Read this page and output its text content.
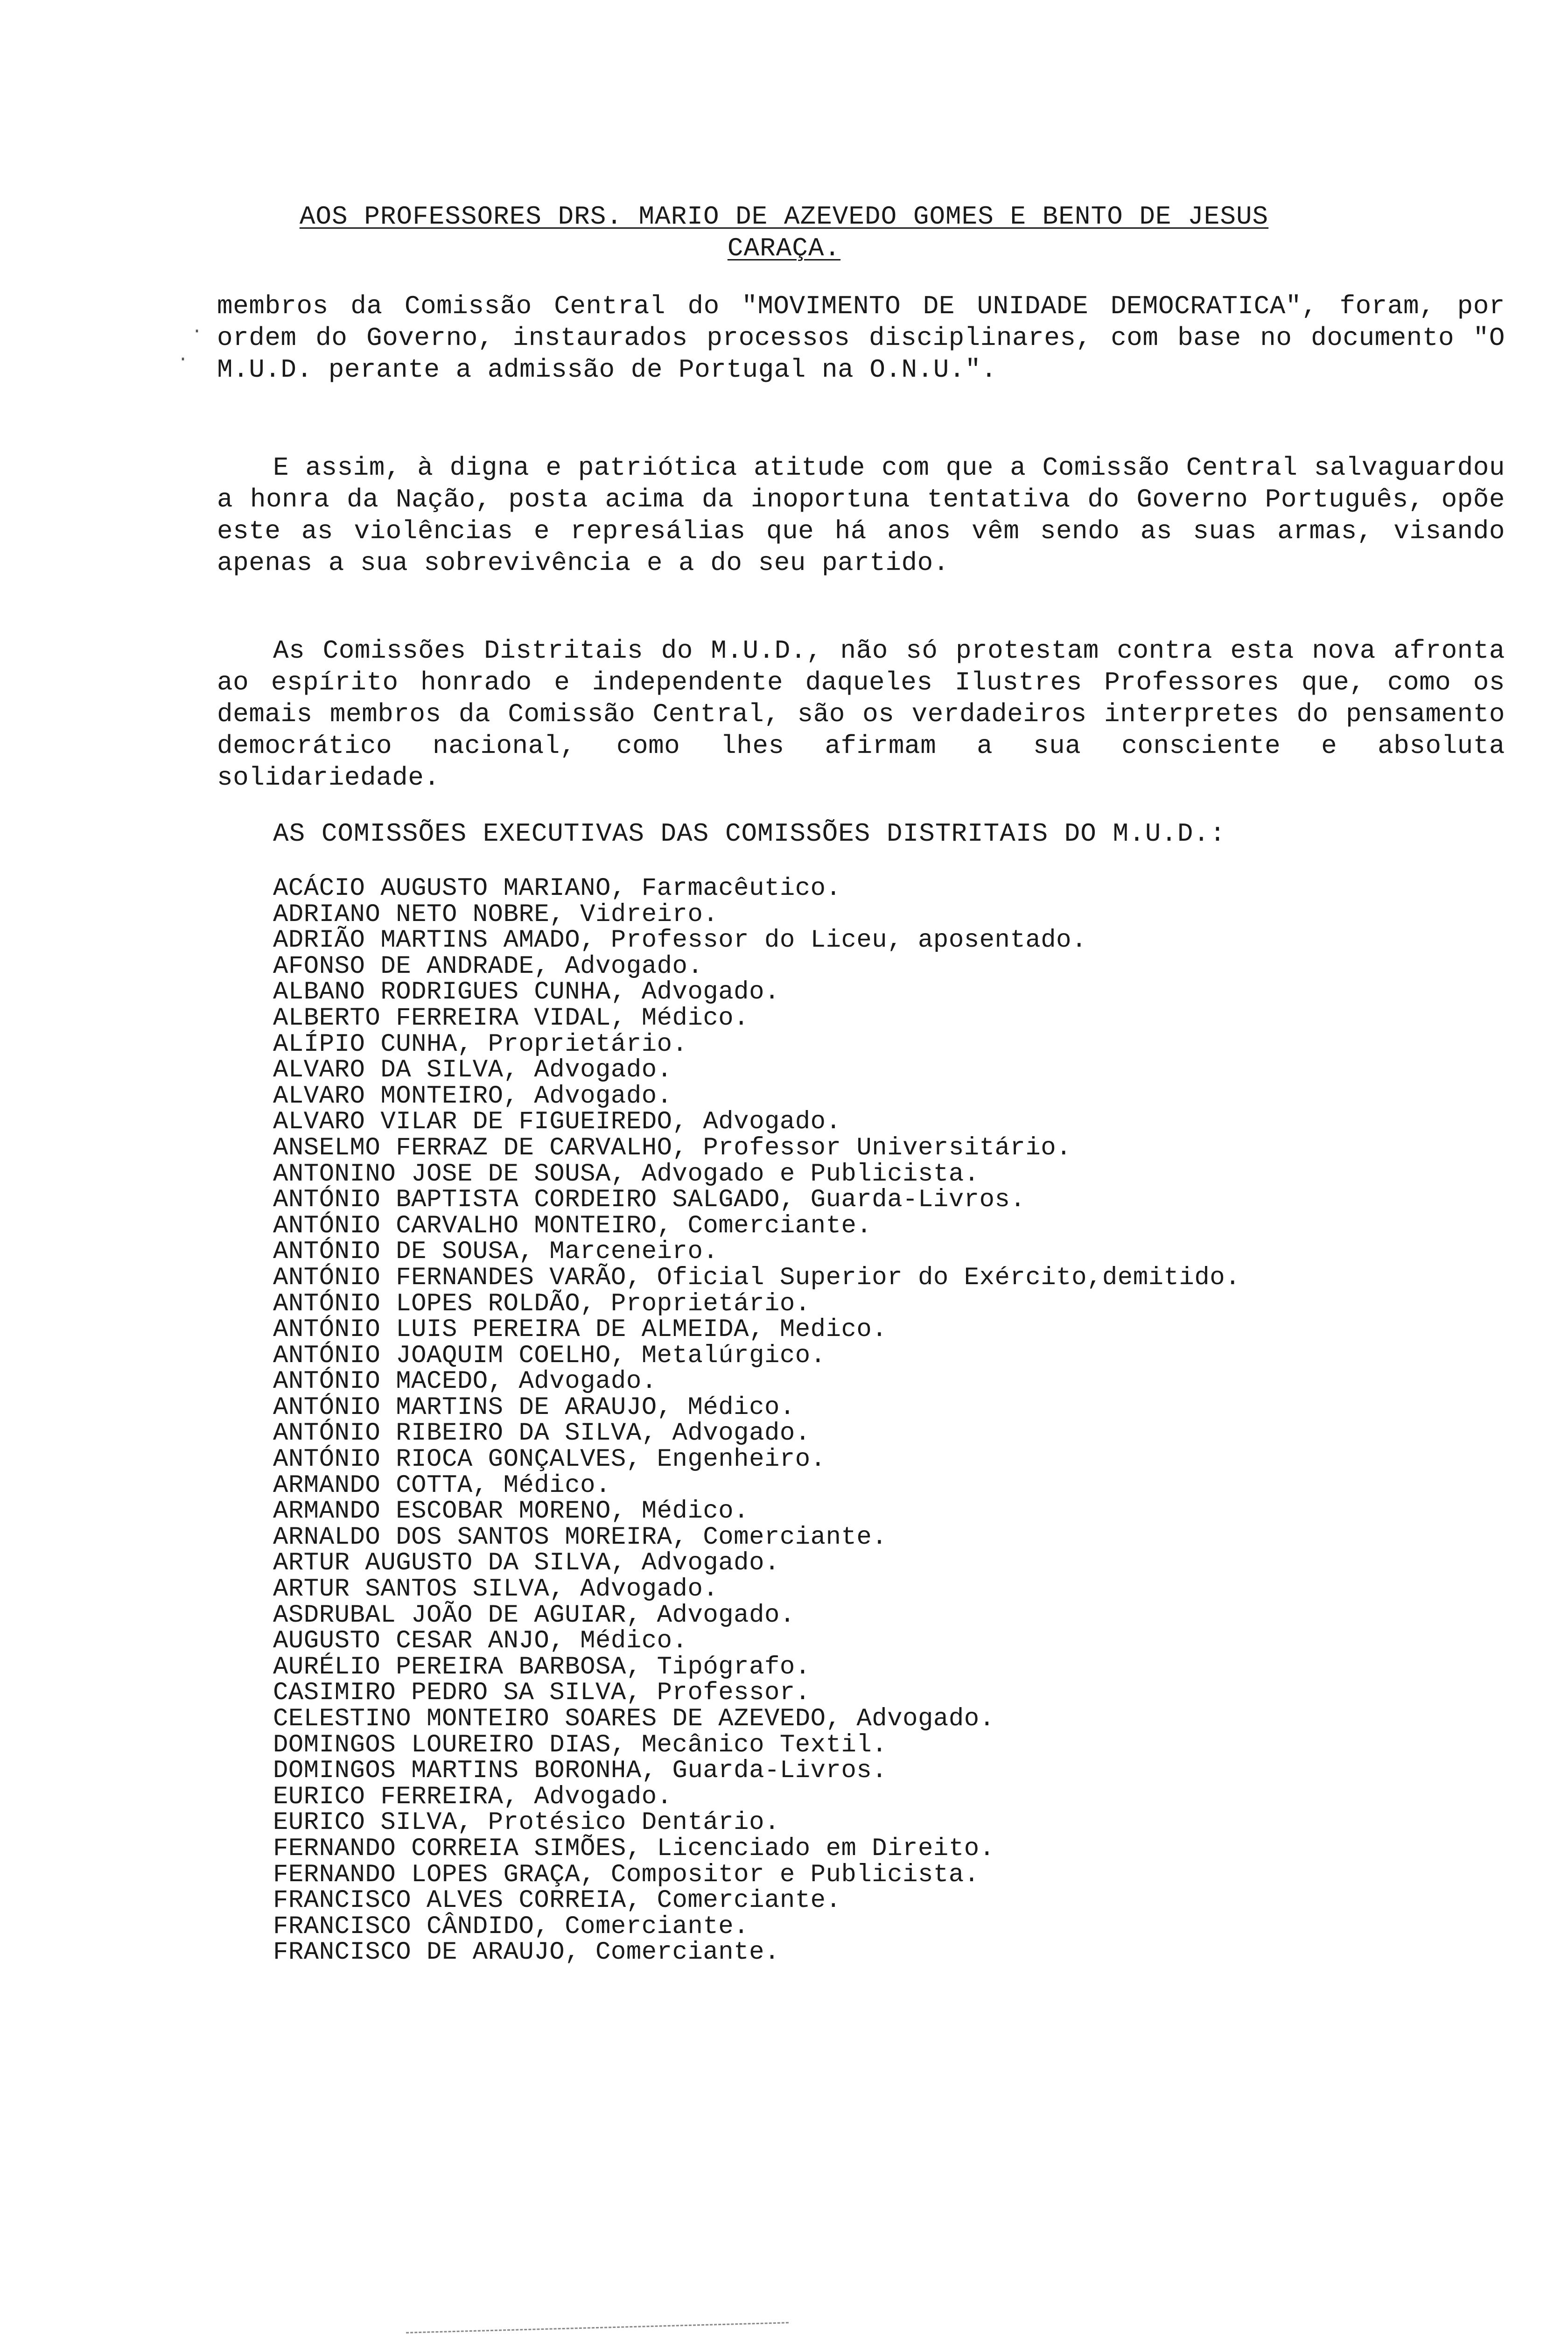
AOS PROFESSORES DRS. MARIO DE AZEVEDO GOMES E BENTO DE JESUS CARAÇA.

membros da Comissão Central do "MOVIMENTO DE UNIDADE DEMOCRATICA", foram, por ordem do Governo, instaurados processos disciplinares, com base no documento "O M.U.D. perante a admissão de Portugal na O.N.U.".

E assim, à digna e patriótica atitude com que a Comissão Central salvaguardou a honra da Nação, posta acima da inoportuna tentativa do Governo Português, opõe este as violências e represálias que há anos vêm sendo as suas armas, visando apenas a sua sobrevivência e a do seu partido.

As Comissões Distritais do M.U.D., não só protestam contra esta nova afronta ao espírito honrado e independente daqueles Ilustres Professores que, como os demais membros da Comissão Central, são os verdadeiros interpretes do pensamento democrático nacional, como lhes afirmam a sua consciente e absoluta solidariedade.

AS COMISSÕES EXECUTIVAS DAS COMISSÕES DISTRITAIS DO M.U.D.:

ACÁCIO AUGUSTO MARIANO, Farmacêutico.
ADRIANO NETO NOBRE, Vidreiro.
ADRIÃO MARTINS AMADO, Professor do Liceu, aposentado.
AFONSO DE ANDRADE, Advogado.
ALBANO RODRIGUES CUNHA, Advogado.
ALBERTO FERREIRA VIDAL, Médico.
ALÍPIO CUNHA, Proprietário.
ALVARO DA SILVA, Advogado.
ALVARO MONTEIRO, Advogado.
ALVARO VILAR DE FIGUEIREDO, Advogado.
ANSELMO FERRAZ DE CARVALHO, Professor Universitário.
ANTONINO JOSE DE SOUSA, Advogado e Publicista.
ANTÓNIO BAPTISTA CORDEIRO SALGADO, Guarda-Livros.
ANTÓNIO CARVALHO MONTEIRO, Comerciante.
ANTÓNIO DE SOUSA, Marceneiro.
ANTÓNIO FERNANDES VARÃO, Oficial Superior do Exército,demitido.
ANTÓNIO LOPES ROLDÃO, Proprietário.
ANTÓNIO LUIS PEREIRA DE ALMEIDA, Medico.
ANTÓNIO JOAQUIM COELHO, Metalúrgico.
ANTÓNIO MACEDO, Advogado.
ANTÓNIO MARTINS DE ARAUJO, Médico.
ANTÓNIO RIBEIRO DA SILVA, Advogado.
ANTÓNIO RIOCA GONÇALVES, Engenheiro.
ARMANDO COTTA, Médico.
ARMANDO ESCOBAR MORENO, Médico.
ARNALDO DOS SANTOS MOREIRA, Comerciante.
ARTUR AUGUSTO DA SILVA, Advogado.
ARTUR SANTOS SILVA, Advogado.
ASDRUBAL JOÃO DE AGUIAR, Advogado.
AUGUSTO CESAR ANJO, Médico.
AURÉLIO PEREIRA BARBOSA, Tipógrafo.
CASIMIRO PEDRO SA SILVA, Professor.
CELESTINO MONTEIRO SOARES DE AZEVEDO, Advogado.
DOMINGOS LOUREIRO DIAS, Mecânico Textil.
DOMINGOS MARTINS BORONHA, Guarda-Livros.
EURICO FERREIRA, Advogado.
EURICO SILVA, Protésico Dentário.
FERNANDO CORREIA SIMÕES, Licenciado em Direito.
FERNANDO LOPES GRAÇA, Compositor e Publicista.
FRANCISCO ALVES CORREIA, Comerciante.
FRANCISCO CÂNDIDO, Comerciante.
FRANCISCO DE ARAUJO, Comerciante.
.
.
